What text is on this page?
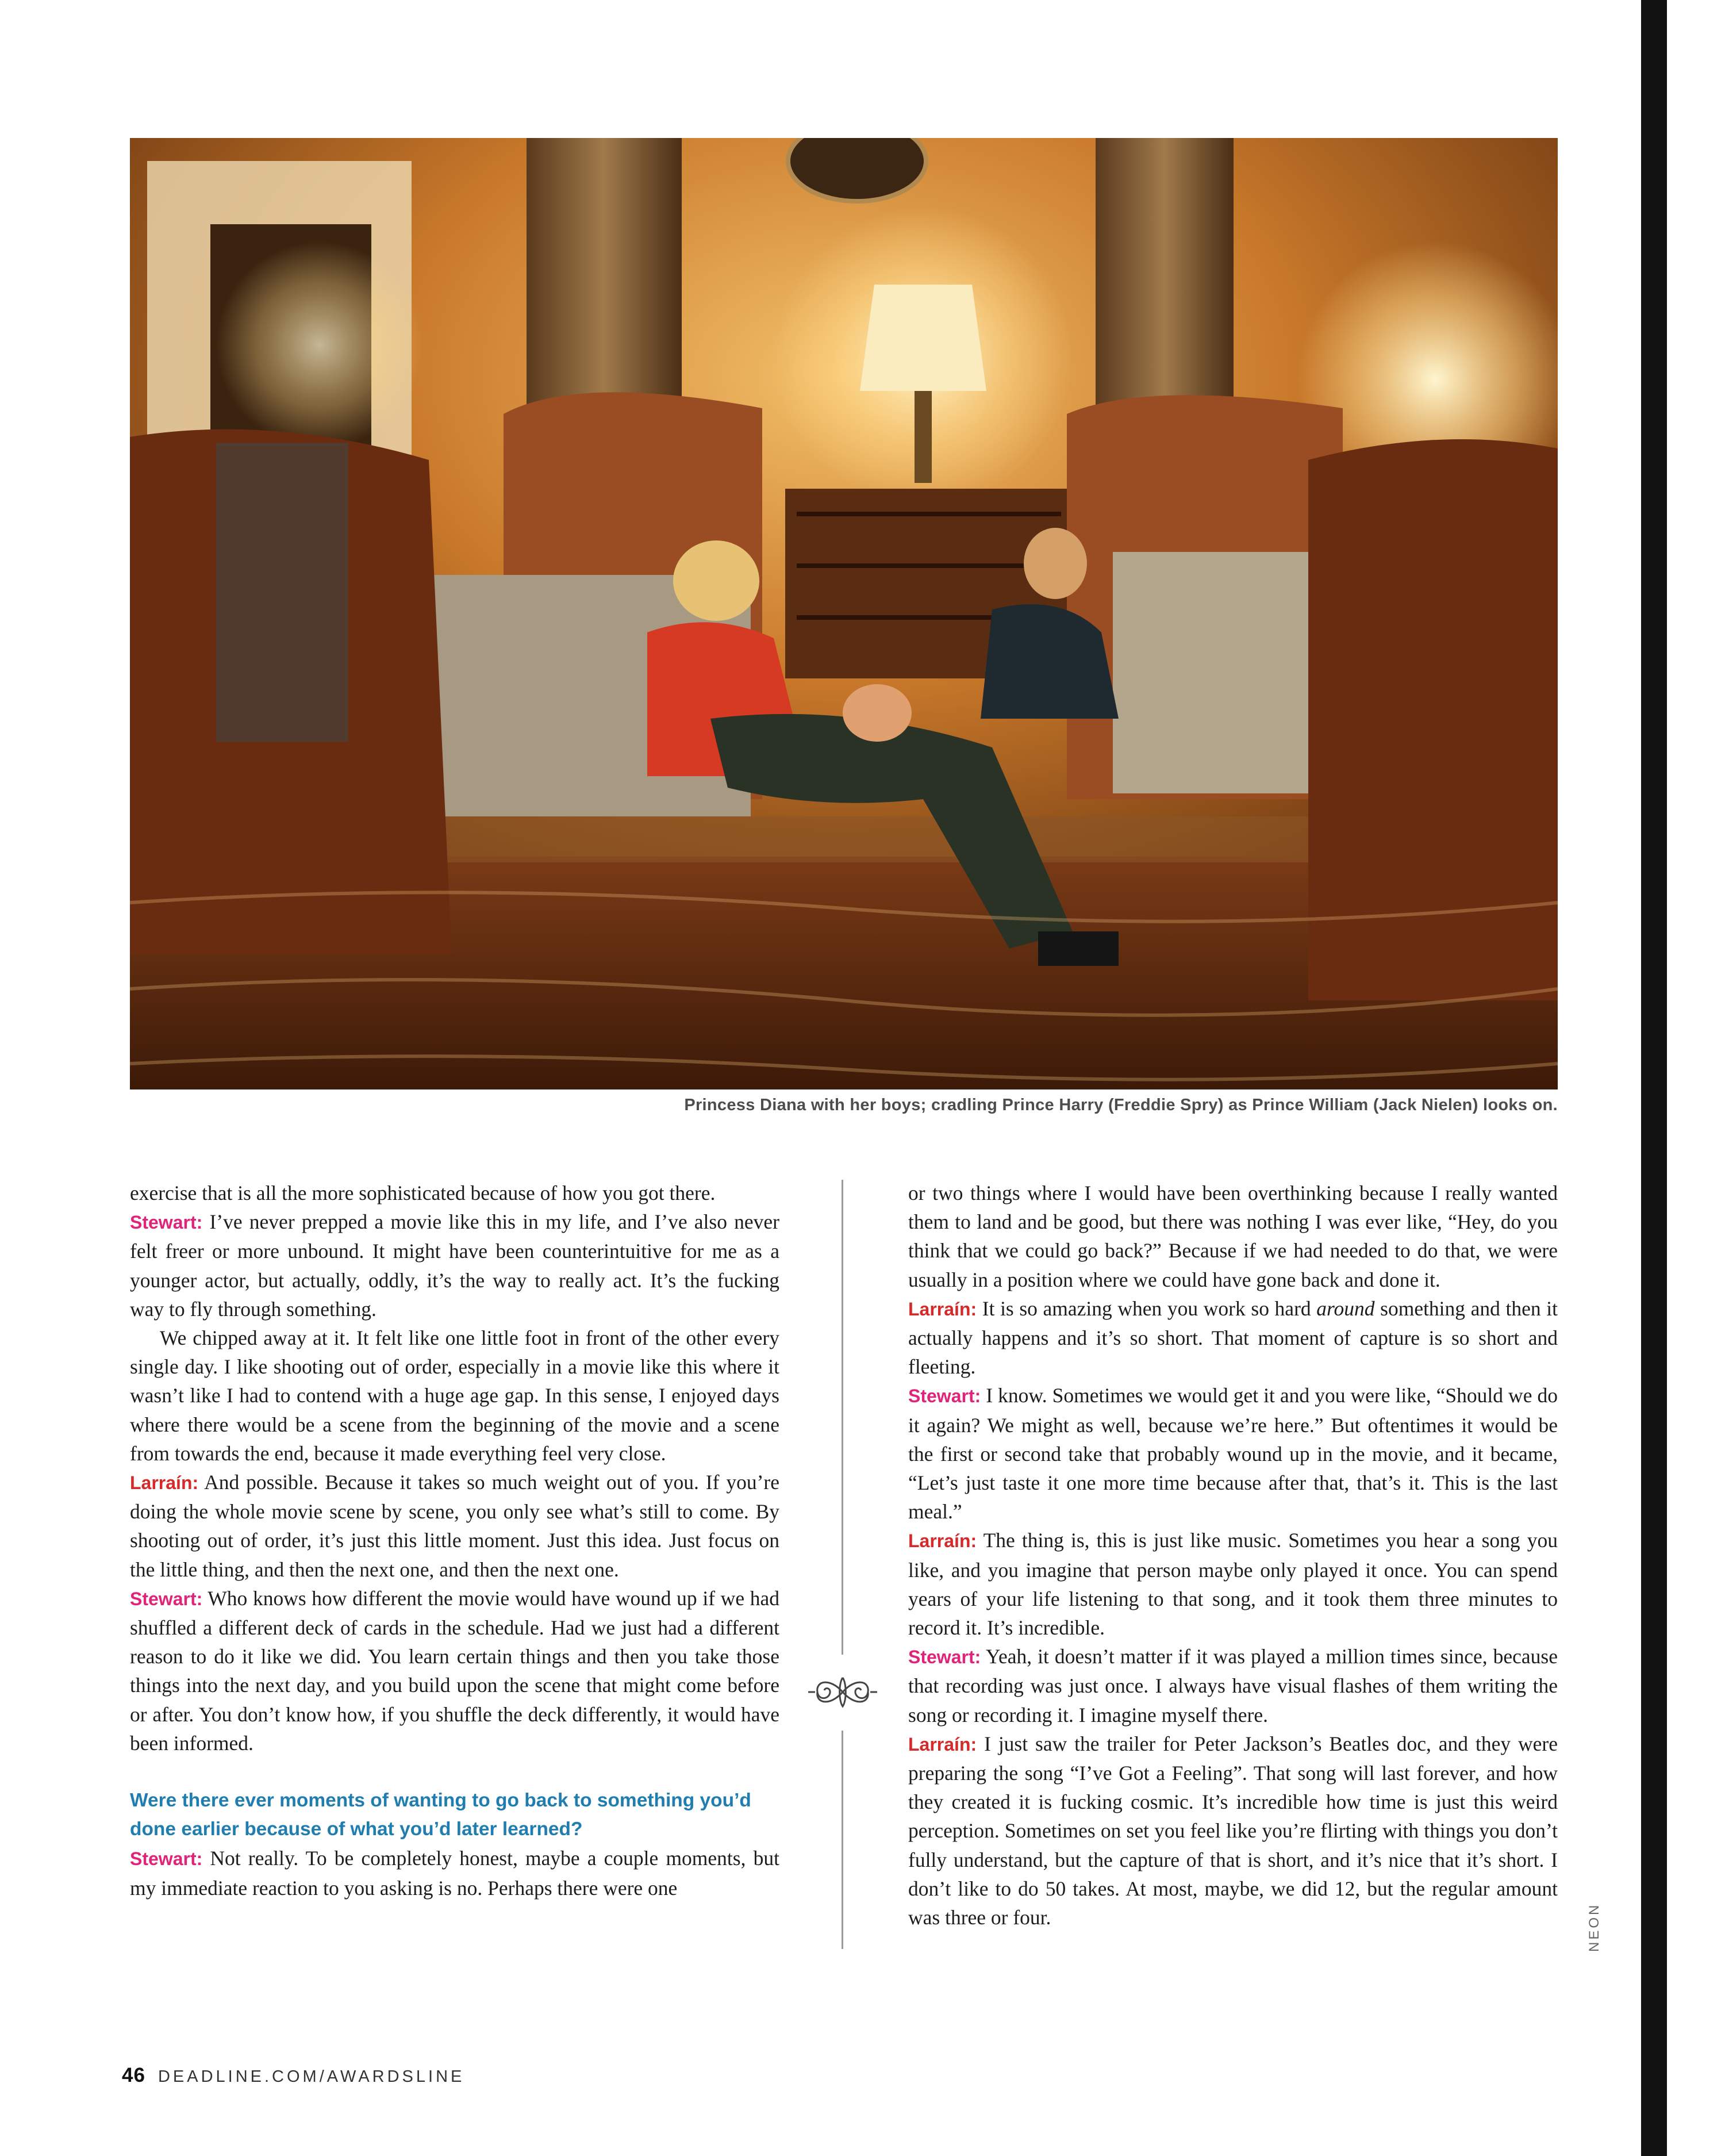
Princess Diana with her boys; cradling Prince Harry (Freddie Spry) as Prince William (Jack Nielen) looks on.

exercise that is all the more sophisticated because of how you got there.

Stewart: I’ve never prepped a movie like this in my life, and I’ve also never felt freer or more unbound. It might have been counterintuitive for me as a younger actor, but actually, oddly, it’s the way to really act. It’s the fucking way to fly through something.

We chipped away at it. It felt like one little foot in front of the other every single day. I like shooting out of order, especially in a movie like this where it wasn’t like I had to contend with a huge age gap. In this sense, I enjoyed days where there would be a scene from the beginning of the movie and a scene from towards the end, because it made everything feel very close.

Larraín: And possible. Because it takes so much weight out of you. If you’re doing the whole movie scene by scene, you only see what’s still to come. By shooting out of order, it’s just this little moment. Just this idea. Just focus on the little thing, and then the next one, and then the next one.

Stewart: Who knows how different the movie would have wound up if we had shuffled a different deck of cards in the schedule. Had we just had a different reason to do it like we did. You learn certain things and then you take those things into the next day, and you build upon the scene that might come before or after. You don’t know how, if you shuffle the deck differently, it would have been informed.

Were there ever moments of wanting to go back to something you’d done earlier because of what you’d later learned?

Stewart: Not really. To be completely honest, maybe a couple moments, but my immediate reaction to you asking is no. Perhaps there were one

or two things where I would have been overthinking because I really wanted them to land and be good, but there was nothing I was ever like, “Hey, do you think that we could go back?” Because if we had needed to do that, we were usually in a position where we could have gone back and done it.

Larraín: It is so amazing when you work so hard around something and then it actually happens and it’s so short. That moment of capture is so short and fleeting.

Stewart: I know. Sometimes we would get it and you were like, “Should we do it again? We might as well, because we’re here.” But oftentimes it would be the first or second take that probably wound up in the movie, and it became, “Let’s just taste it one more time because after that, that’s it. This is the last meal.”

Larraín: The thing is, this is just like music. Sometimes you hear a song you like, and you imagine that person maybe only played it once. You can spend years of your life listening to that song, and it took them three minutes to record it. It’s incredible.

Stewart: Yeah, it doesn’t matter if it was played a million times since, because that recording was just once. I always have visual flashes of them writing the song or recording it. I imagine myself there.

Larraín: I just saw the trailer for Peter Jackson’s Beatles doc, and they were preparing the song “I’ve Got a Feeling”. That song will last forever, and how they created it is fucking cosmic. It’s incredible how time is just this weird perception. Sometimes on set you feel like you’re flirting with things you don’t fully understand, but the capture of that is short, and it’s nice that it’s short. I don’t like to do 50 takes. At most, maybe, we did 12, but the regular amount was three or four.	NEON
46 DEADLINE.COM/AWARDSLINE
